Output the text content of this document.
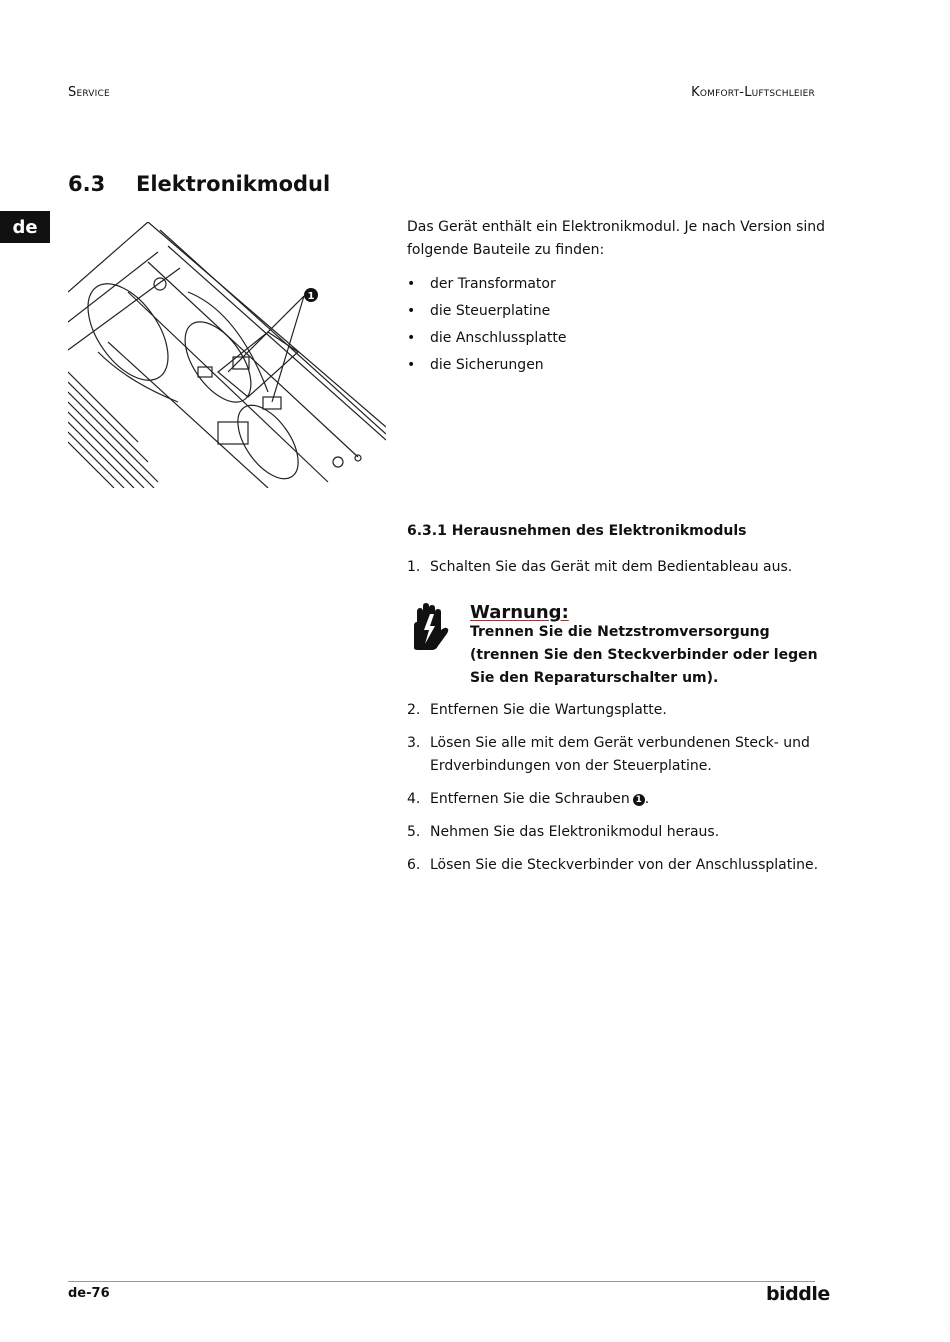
Service	Komfort-Luftschleier
de
6.3 Elektronikmodul
1
Das Gerät enthält ein Elektronikmodul. Je nach Version sind folgende Bauteile zu finden:
• der Transformator
• die Steuerplatine
• die Anschlussplatte
• die Sicherungen
6.3.1 Herausnehmen des Elektronikmoduls
1. Schalten Sie das Gerät mit dem Bedientableau aus.
Warnung:
Trennen Sie die Netzstromversorgung (trennen Sie den Steckverbinder oder legen Sie den Reparaturschalter um).
2. Entfernen Sie die Wartungsplatte.
3. Lösen Sie alle mit dem Gerät verbundenen Steck- und Erdverbindungen von der Steuerplatine.
4. Entfernen Sie die Schrauben 1 .
5. Nehmen Sie das Elektronikmodul heraus.
6. Lösen Sie die Steckverbinder von der Anschlussplatine.
de-76	biddle
